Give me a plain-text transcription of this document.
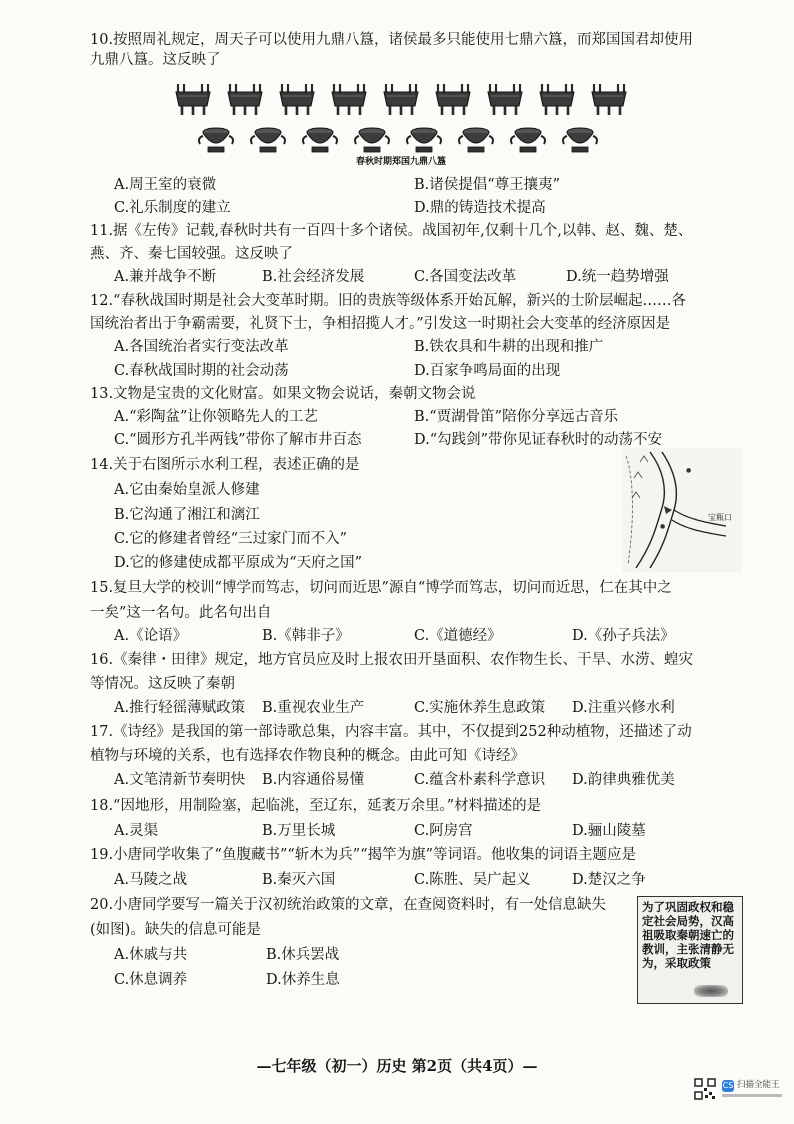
10.按照周礼规定，周天子可以使用九鼎八簋，诸侯最多只能使用七鼎六簋，而郑国国君却使用
九鼎八簋。这反映了
春秋时期郑国九鼎八簋
A.周王室的衰微	B.诸侯提倡“尊王攘夷”
C.礼乐制度的建立	D.鼎的铸造技术提高
11.据《左传》记载,春秋时共有一百四十多个诸侯。战国初年,仅剩十几个,以韩、赵、魏、楚、
燕、齐、秦七国较强。这反映了
A.兼并战争不断	B.社会经济发展	C.各国变法改革	D.统一趋势增强
12.“春秋战国时期是社会大变革时期。旧的贵族等级体系开始瓦解，新兴的士阶层崛起……各
国统治者出于争霸需要，礼贤下士，争相招揽人才。”引发这一时期社会大变革的经济原因是
A.各国统治者实行变法改革	B.铁农具和牛耕的出现和推广
C.春秋战国时期的社会动荡	D.百家争鸣局面的出现
13.文物是宝贵的文化财富。如果文物会说话，秦朝文物会说
A.“彩陶盆”让你领略先人的工艺	B.“贾湖骨笛”陪你分享远古音乐
C.“圆形方孔半两钱”带你了解市井百态	D.“勾践剑”带你见证春秋时的动荡不安
14.关于右图所示水利工程，表述正确的是
A.它由秦始皇派人修建
B.它沟通了湘江和漓江
C.它的修建者曾经“三过家门而不入”
D.它的修建使成都平原成为“天府之国”
●
●
宝瓶口
15.复旦大学的校训“博学而笃志，切问而近思”源自“博学而笃志，切问而近思，仁在其中之
一矣”这一名句。此名句出自
A.《论语》	B.《韩非子》	C.《道德经》	D.《孙子兵法》
16.《秦律・田律》规定，地方官员应及时上报农田开垦面积、农作物生长、干旱、水涝、蝗灾
等情况。这反映了秦朝
A.推行轻徭薄赋政策 B.重视农业生产	C.实施休养生息政策 D.注重兴修水利
17.《诗经》是我国的第一部诗歌总集，内容丰富。其中，不仅提到252种动植物，还描述了动
植物与环境的关系，也有选择农作物良种的概念。由此可知《诗经》
A.文笔清新节奏明快 B.内容通俗易懂	C.蕴含朴素科学意识 D.韵律典雅优美
18.“因地形，用制险塞，起临洮，至辽东，延袤万余里。”材料描述的是
A.灵渠	B.万里长城	C.阿房宫	D.骊山陵墓
19.小唐同学收集了“鱼腹藏书”“斩木为兵”“揭竿为旗”等词语。他收集的词语主题应是
A.马陵之战	B.秦灭六国	C.陈胜、吴广起义	D.楚汉之争
20.小唐同学要写一篇关于汉初统治政策的文章，在查阅资料时，有一处信息缺失
(如图)。缺失的信息可能是
A.休戚与共	B.休兵罢战
C.休息调养	D.休养生息
为了巩固政权和稳定社会局势，汉高祖吸取秦朝速亡的教训，主张清静无为，采取政策
—七年级（初一）历史 第2页（共4页）—
CS 扫描全能王
